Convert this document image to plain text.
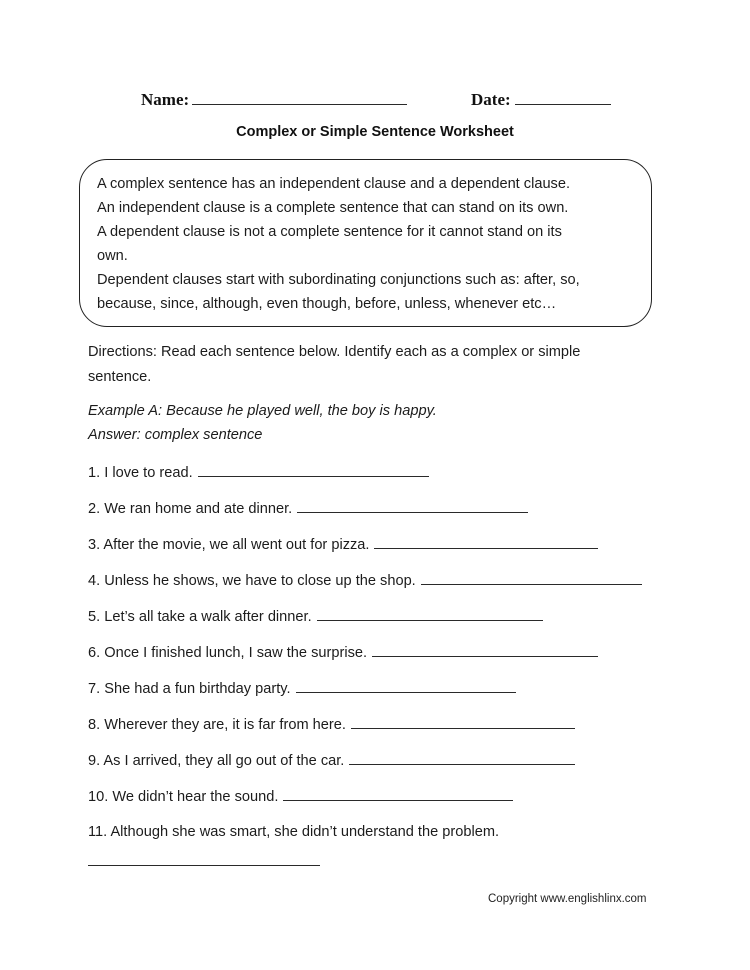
Name:	Date:
Complex or Simple Sentence Worksheet
A complex sentence has an independent clause and a dependent clause.
An independent clause is a complete sentence that can stand on its own.
A dependent clause is not a complete sentence for it cannot stand on its
own.
Dependent clauses start with subordinating conjunctions such as: after, so,
because, since, although, even though, before, unless, whenever etc…
Directions: Read each sentence below. Identify each as a complex or simple
sentence.
Example A: Because he played well, the boy is happy.
Answer: complex sentence
1. I love to read.
2. We ran home and ate dinner.
3. After the movie, we all went out for pizza.
4. Unless he shows, we have to close up the shop.
5. Let’s all take a walk after dinner.
6. Once I finished lunch, I saw the surprise.
7. She had a fun birthday party.
8. Wherever they are, it is far from here.
9. As I arrived, they all go out of the car.
10. We didn’t hear the sound.
11. Although she was smart, she didn’t understand the problem.
Copyright www.englishlinx.com
